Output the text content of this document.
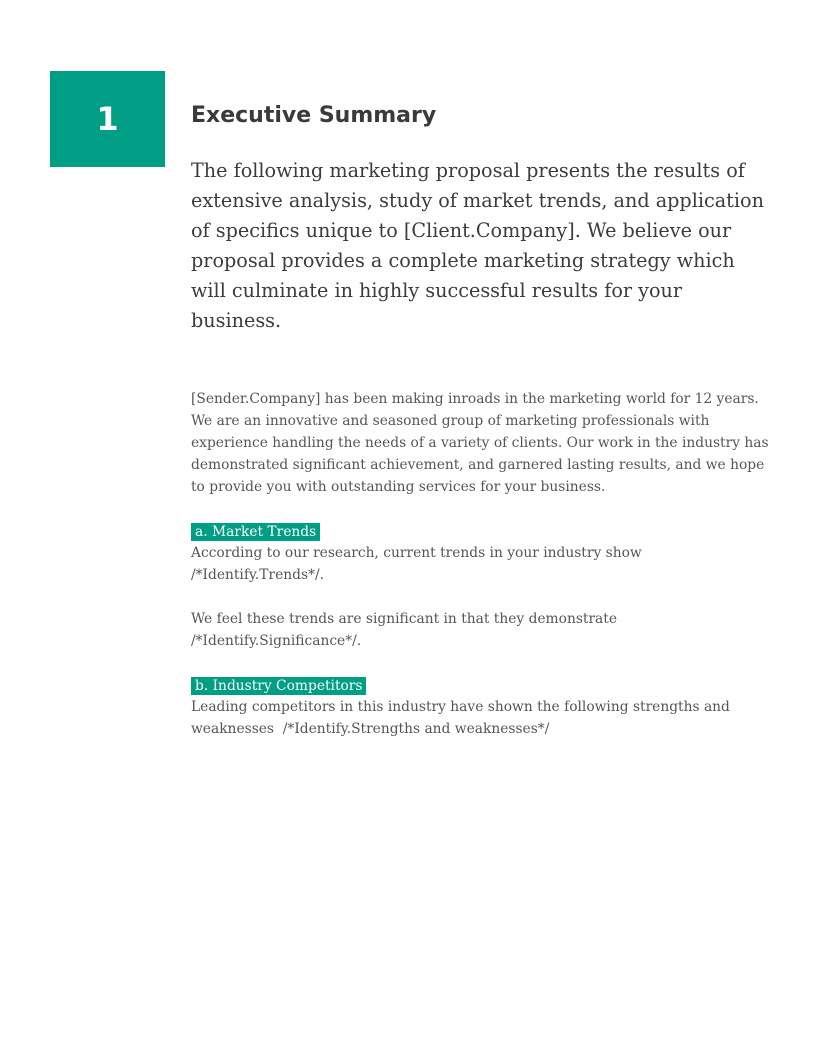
1	Executive Summary

The following marketing proposal presents the results of extensive analysis, study of market trends, and application of specifics unique to [Client.Company]. We believe our proposal provides a complete marketing strategy which will culminate in highly successful results for your business.

[Sender.Company] has been making inroads in the marketing world for 12 years. We are an innovative and seasoned group of marketing professionals with experience handling the needs of a variety of clients. Our work in the industry has demonstrated significant achievement, and garnered lasting results, and we hope to provide you with outstanding services for your business.

a. Market Trends

According to our research, current trends in your industry show /*Identify.Trends*/.

We feel these trends are significant in that they demonstrate /*Identify.Significance*/.

b. Industry Competitors

Leading competitors in this industry have shown the following strengths and weaknesses  /*Identify.Strengths and weaknesses*/
